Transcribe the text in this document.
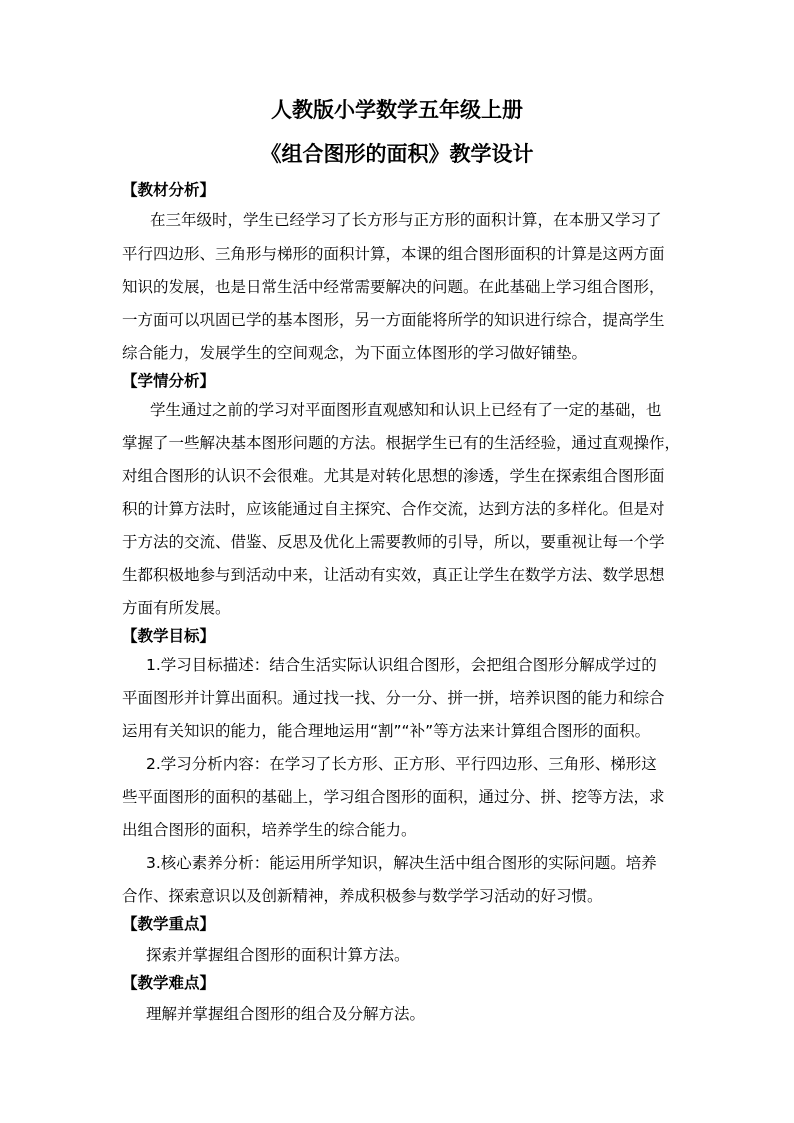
人教版小学数学五年级上册
《组合图形的面积》教学设计
【教材分析】
在三年级时，学生已经学习了长方形与正方形的面积计算，在本册又学习了
平行四边形、三角形与梯形的面积计算，本课的组合图形面积的计算是这两方面
知识的发展，也是日常生活中经常需要解决的问题。在此基础上学习组合图形，
一方面可以巩固已学的基本图形，另一方面能将所学的知识进行综合，提高学生
综合能力，发展学生的空间观念，为下面立体图形的学习做好铺垫。
【学情分析】
学生通过之前的学习对平面图形直观感知和认识上已经有了一定的基础，也
掌握了一些解决基本图形问题的方法。根据学生已有的生活经验，通过直观操作，
对组合图形的认识不会很难。尤其是对转化思想的渗透，学生在探索组合图形面
积的计算方法时，应该能通过自主探究、合作交流，达到方法的多样化。但是对
于方法的交流、借鉴、反思及优化上需要教师的引导，所以，要重视让每一个学
生都积极地参与到活动中来，让活动有实效，真正让学生在数学方法、数学思想
方面有所发展。
【教学目标】
1.学习目标描述：结合生活实际认识组合图形，会把组合图形分解成学过的
平面图形并计算出面积。通过找一找、分一分、拼一拼，培养识图的能力和综合
运用有关知识的能力，能合理地运用“割”“补”等方法来计算组合图形的面积。
2.学习分析内容：在学习了长方形、正方形、平行四边形、三角形、梯形这
些平面图形的面积的基础上，学习组合图形的面积，通过分、拼、挖等方法，求
出组合图形的面积，培养学生的综合能力。
3.核心素养分析：能运用所学知识，解决生活中组合图形的实际问题。培养
合作、探索意识以及创新精神，养成积极参与数学学习活动的好习惯。
【教学重点】
探索并掌握组合图形的面积计算方法。
【教学难点】
理解并掌握组合图形的组合及分解方法。
